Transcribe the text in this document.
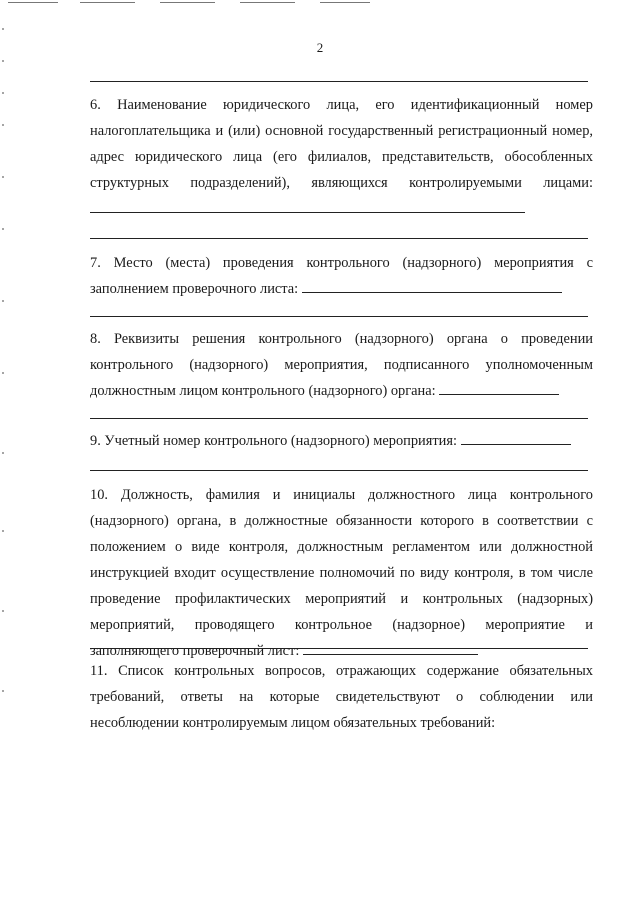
2

6. Наименование юридического лица, его идентификационный номер налогоплательщика и (или) основной государственный регистрационный номер, адрес юридического лица (его филиалов, представительств, обособленных структурных подразделений), являющихся контролируемыми лицами:

7. Место (места) проведения контрольного (надзорного) мероприятия с заполнением проверочного листа:

8. Реквизиты решения контрольного (надзорного) органа о проведении контрольного (надзорного) мероприятия, подписанного уполномоченным должностным лицом контрольного (надзорного) органа:

9. Учетный номер контрольного (надзорного) мероприятия:

10. Должность, фамилия и инициалы должностного лица контрольного (надзорного) органа, в должностные обязанности которого в соответствии с положением о виде контроля, должностным регламентом или должностной инструкцией входит осуществление полномочий по виду контроля, в том числе проведение профилактических мероприятий и контрольных (надзорных) мероприятий, проводящего контрольное (надзорное) мероприятие и заполняющего проверочный лист:

11. Список контрольных вопросов, отражающих содержание обязательных требований, ответы на которые свидетельствуют о соблюдении или несоблюдении контролируемым лицом обязательных требований:
